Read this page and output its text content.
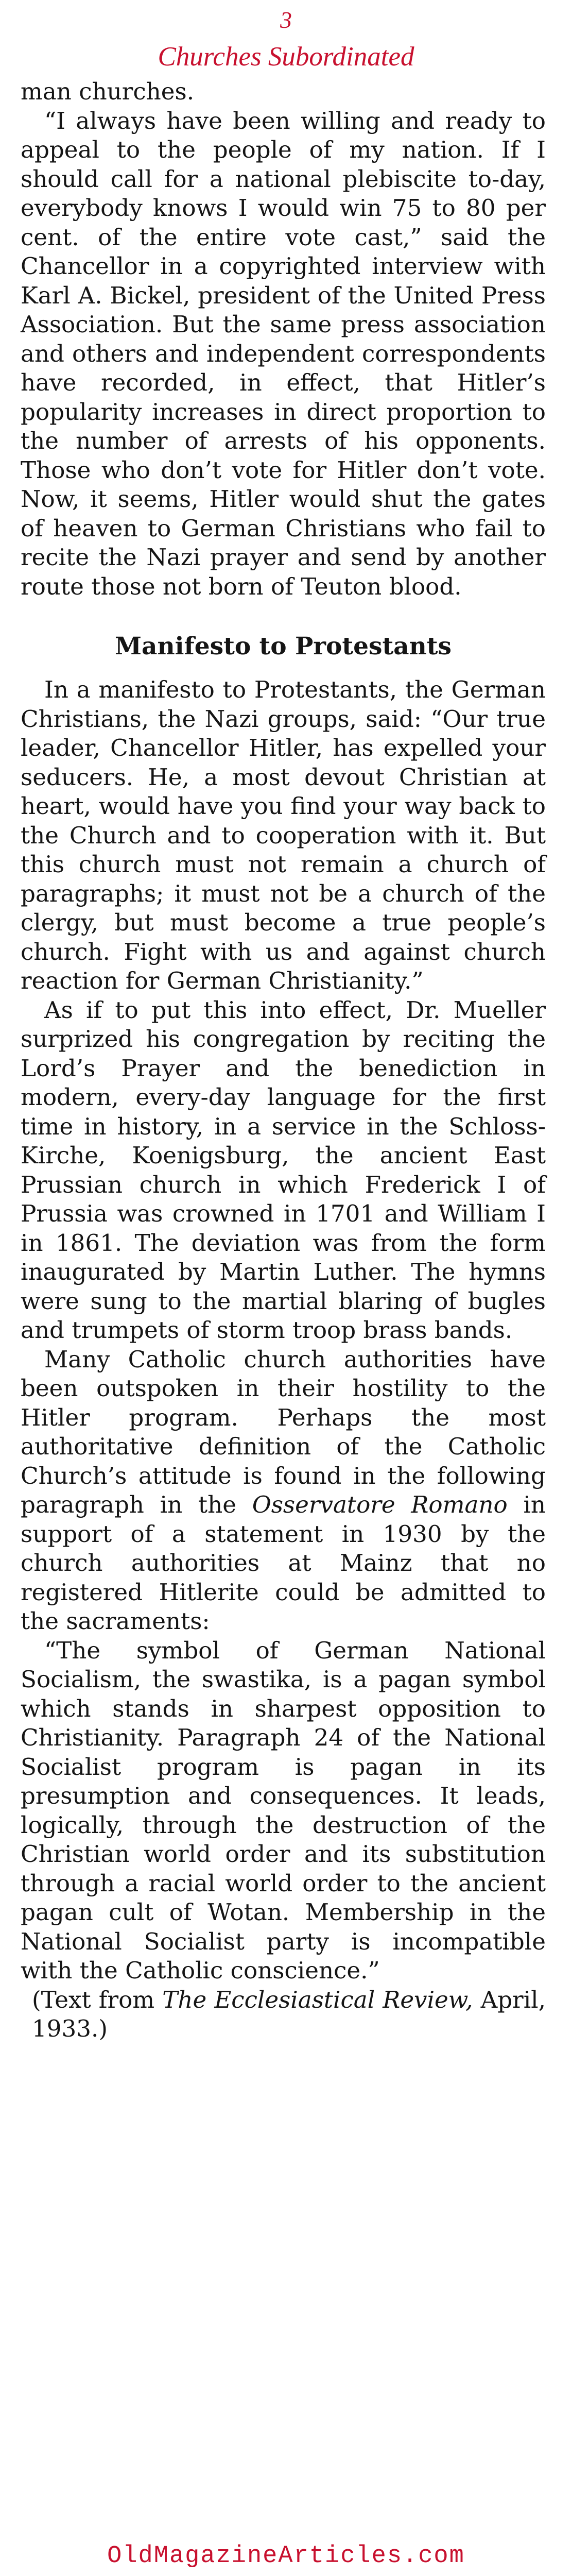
3
Churches Subordinated

man churches.

“I always have been willing and ready to appeal to the people of my nation. If I should call for a national plebiscite to-day, everybody knows I would win 75 to 80 per cent. of the entire vote cast,” said the Chancellor in a copyrighted interview with Karl A. Bickel, president of the United Press Association. But the same press association and others and independent correspondents have recorded, in effect, that Hitler’s popularity increases in direct proportion to the number of arrests of his opponents. Those who don’t vote for Hitler don’t vote. Now, it seems, Hitler would shut the gates of heaven to German Christians who fail to recite the Nazi prayer and send by another route those not born of Teuton blood.

Manifesto to Protestants

In a manifesto to Protestants, the German Christians, the Nazi groups, said: “Our true leader, Chancellor Hitler, has expelled your seducers. He, a most devout Christian at heart, would have you find your way back to the Church and to cooperation with it. But this church must not remain a church of paragraphs; it must not be a church of the clergy, but must become a true people’s church. Fight with us and against church reaction for German Christianity.”

As if to put this into effect, Dr. Mueller surprized his congregation by reciting the Lord’s Prayer and the benediction in modern, every-day language for the first time in history, in a service in the Schloss-Kirche, Koenigsburg, the ancient East Prussian church in which Frederick I of Prussia was crowned in 1701 and William I in 1861. The deviation was from the form inaugurated by Martin Luther. The hymns were sung to the martial blaring of bugles and trumpets of storm troop brass bands.

Many Catholic church authorities have been outspoken in their hostility to the Hitler program. Perhaps the most authoritative definition of the Catholic Church’s attitude is found in the following paragraph in the Osservatore Romano in support of a statement in 1930 by the church authorities at Mainz that no registered Hitlerite could be admitted to the sacraments:

“The symbol of German National Socialism, the swastika, is a pagan symbol which stands in sharpest opposition to Christianity. Paragraph 24 of the National Socialist program is pagan in its presumption and consequences. It leads, logically, through the destruction of the Christian world order and its substitution through a racial world order to the ancient pagan cult of Wotan. Membership in the National Socialist party is incompatible with the Catholic conscience.”

(Text from The Ecclesiastical Review, April, 1933.)

OldMagazineArticles.com
